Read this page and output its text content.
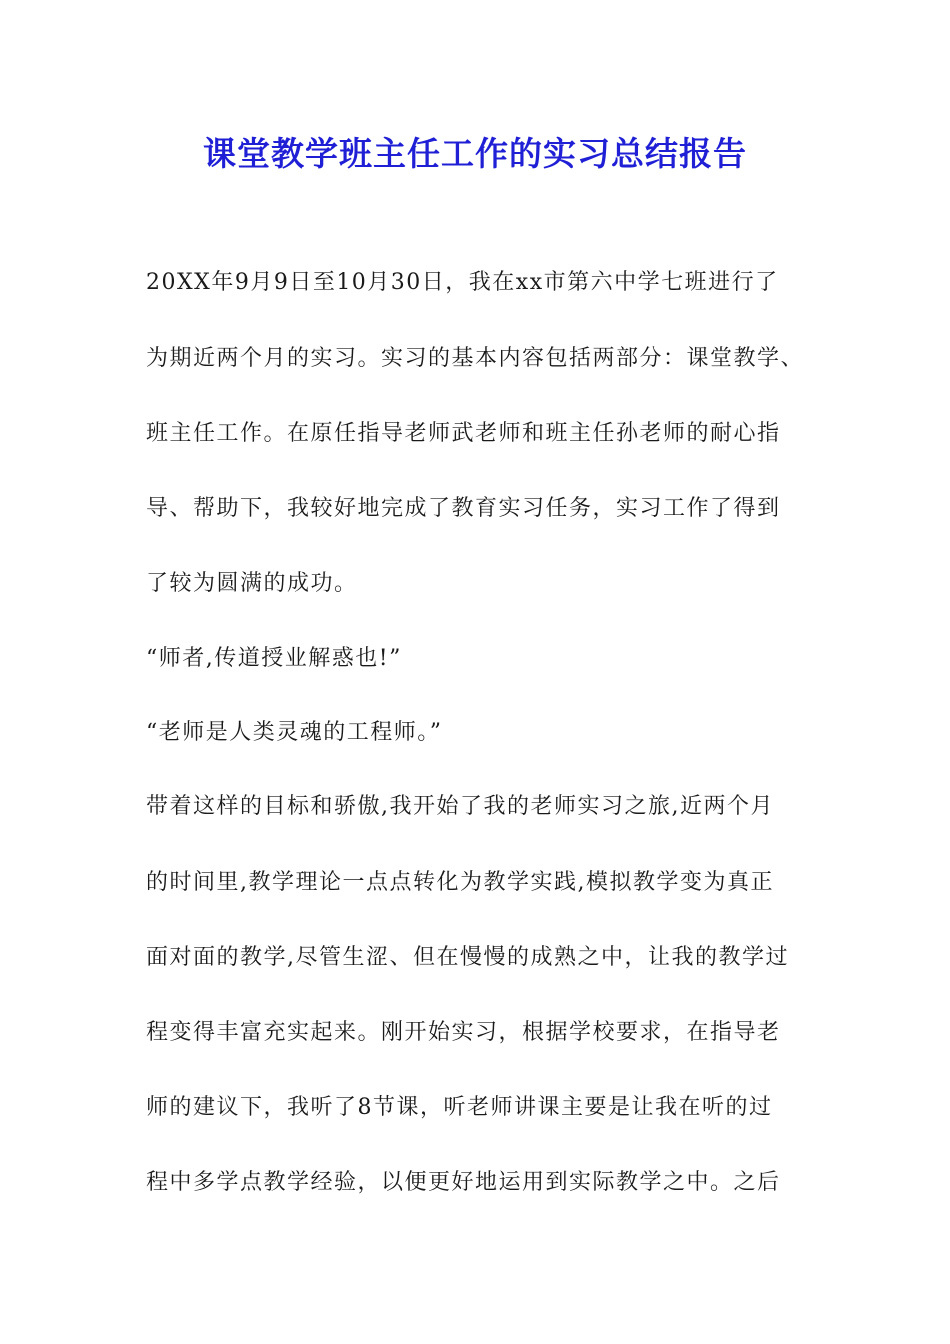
课堂教学班主任工作的实习总结报告
20XX年9月9日至10月30日，我在xx市第六中学七班进行了
为期近两个月的实习。实习的基本内容包括两部分：课堂教学、
班主任工作。在原任指导老师武老师和班主任孙老师的耐心指
导、帮助下，我较好地完成了教育实习任务，实习工作了得到
了较为圆满的成功。
“师者,传道授业解惑也!”
“老师是人类灵魂的工程师。”
带着这样的目标和骄傲,我开始了我的老师实习之旅,近两个月
的时间里,教学理论一点点转化为教学实践,模拟教学变为真正
面对面的教学,尽管生涩、但在慢慢的成熟之中，让我的教学过
程变得丰富充实起来。刚开始实习，根据学校要求，在指导老
师的建议下，我听了8节课，听老师讲课主要是让我在听的过
程中多学点教学经验，以便更好地运用到实际教学之中。之后
